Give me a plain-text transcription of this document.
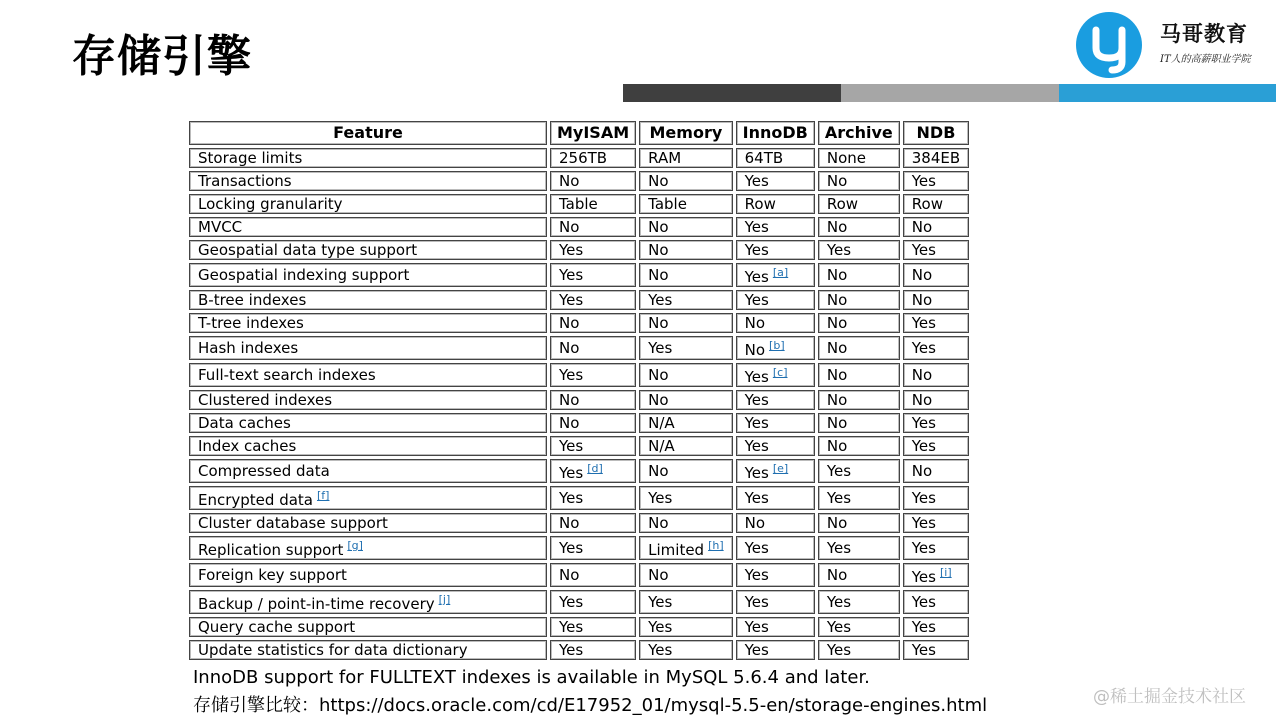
存储引擎	马哥教育
IT人的高薪职业学院
Feature	MyISAM	Memory	InnoDB	Archive	NDB
Storage limits	256TB	RAM	64TB	None	384EB
Transactions	No	No	Yes	No	Yes
Locking granularity	Table	Table	Row	Row	Row
MVCC	No	No	Yes	No	No
Geospatial data type support	Yes	No	Yes	Yes	Yes
Geospatial indexing support	Yes	No	Yes [a]	No	No
B-tree indexes	Yes	Yes	Yes	No	No
T-tree indexes	No	No	No	No	Yes
Hash indexes	No	Yes	No [b]	No	Yes
Full-text search indexes	Yes	No	Yes [c]	No	No
Clustered indexes	No	No	Yes	No	No
Data caches	No	N/A	Yes	No	Yes
Index caches	Yes	N/A	Yes	No	Yes
Compressed data	Yes [d]	No	Yes [e]	Yes	No
Encrypted data [f]	Yes	Yes	Yes	Yes	Yes
Cluster database support	No	No	No	No	Yes
Replication support [g]	Yes	Limited [h]	Yes	Yes	Yes
Foreign key support	No	No	Yes	No	Yes [i]
Backup / point-in-time recovery [j]	Yes	Yes	Yes	Yes	Yes
Query cache support	Yes	Yes	Yes	Yes	Yes
Update statistics for data dictionary	Yes	Yes	Yes	Yes	Yes
InnoDB support for FULLTEXT indexes is available in MySQL 5.6.4 and later.
存储引擎比较：https://docs.oracle.com/cd/E17952_01/mysql-5.5-en/storage-engines.html	@稀土掘金技术社区
